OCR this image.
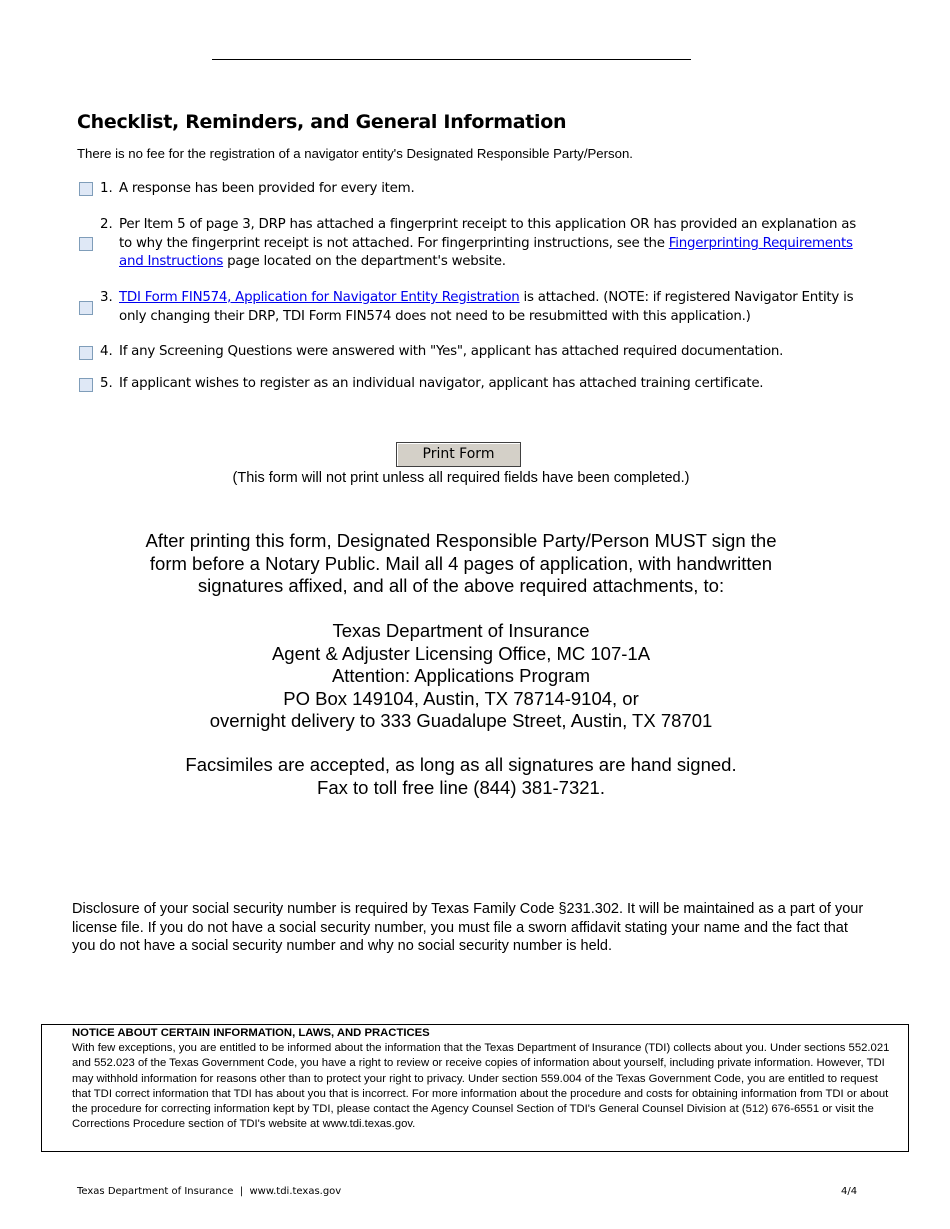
Checklist, Reminders, and General Information
There is no fee for the registration of a navigator entity's Designated Responsible Party/Person.
1. A response has been provided for every item.
2. Per Item 5 of page 3, DRP has attached a fingerprint receipt to this application OR has provided an explanation as to why the fingerprint receipt is not attached. For fingerprinting instructions, see the Fingerprinting Requirements and Instructions page located on the department's website.
3. TDI Form FIN574, Application for Navigator Entity Registration is attached. (NOTE: if registered Navigator Entity is only changing their DRP, TDI Form FIN574 does not need to be resubmitted with this application.)
4. If any Screening Questions were answered with "Yes", applicant has attached required documentation.
5. If applicant wishes to register as an individual navigator, applicant has attached training certificate.
Print Form
(This form will not print unless all required fields have been completed.)
After printing this form, Designated Responsible Party/Person MUST sign the
form before a Notary Public. Mail all 4 pages of application, with handwritten
signatures affixed, and all of the above required attachments, to:
Texas Department of Insurance
Agent & Adjuster Licensing Office, MC 107-1A
Attention: Applications Program
PO Box 149104, Austin, TX 78714-9104, or
overnight delivery to 333 Guadalupe Street, Austin, TX 78701
Facsimiles are accepted, as long as all signatures are hand signed.
Fax to toll free line (844) 381-7321.
Disclosure of your social security number is required by Texas Family Code §231.302. It will be maintained as a part of your license file. If you do not have a social security number, you must file a sworn affidavit stating your name and the fact that you do not have a social security number and why no social security number is held.
NOTICE ABOUT CERTAIN INFORMATION, LAWS, AND PRACTICES
With few exceptions, you are entitled to be informed about the information that the Texas Department of Insurance (TDI) collects about you. Under sections 552.021 and 552.023 of the Texas Government Code, you have a right to review or receive copies of information about yourself, including private information. However, TDI may withhold information for reasons other than to protect your right to privacy. Under section 559.004 of the Texas Government Code, you are entitled to request that TDI correct information that TDI has about you that is incorrect. For more information about the procedure and costs for obtaining information from TDI or about the procedure for correcting information kept by TDI, please contact the Agency Counsel Section of TDI's General Counsel Division at (512) 676-6551 or visit the Corrections Procedure section of TDI's website at www.tdi.texas.gov.
Texas Department of Insurance  |  www.tdi.texas.gov	4/4
